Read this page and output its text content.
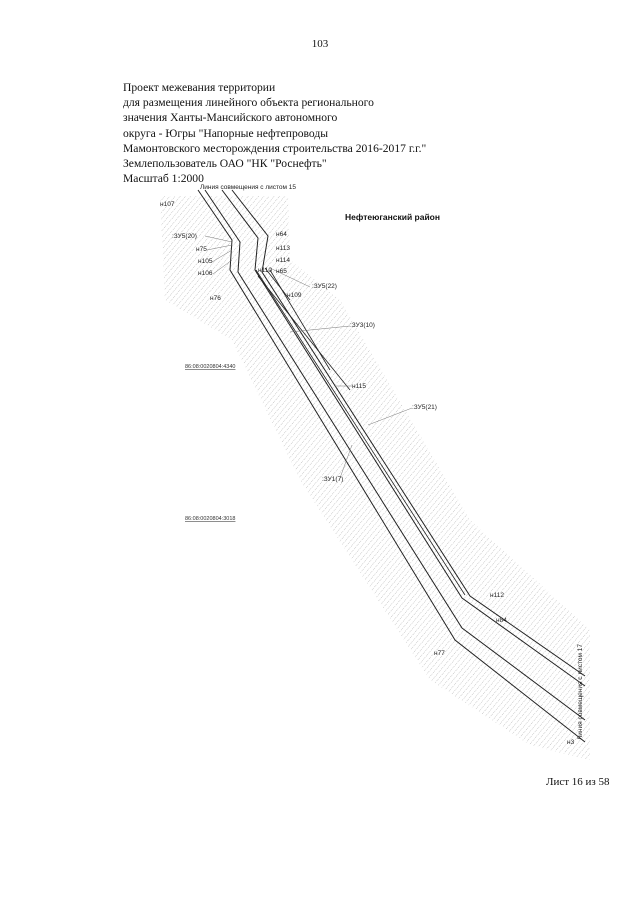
103
Проект межевания территории
для размещения линейного объекта регионального
значения Ханты-Мансийского автономного
округа - Югры "Напорные нефтепроводы
Мамонтовского месторождения строительства 2016-2017 г.г."
Землепользователь ОАО "НК "Роснефть"
Масштаб 1:2000
Линия совмещения с листом 15
Нефтеюганский район
86:08:0020804:4340
86:08:0020804:3018
Линия совмещения с листом 17
:ЗУ5(20)
:ЗУ5(22)
:ЗУ3(10)
:ЗУ5(21)
:ЗУ1(7)
н107
н75
н105
н106
н76
н64
н113
н114
н110 н65
н109
н115
н112
н84
н77
н3
Лист 16 из 58
